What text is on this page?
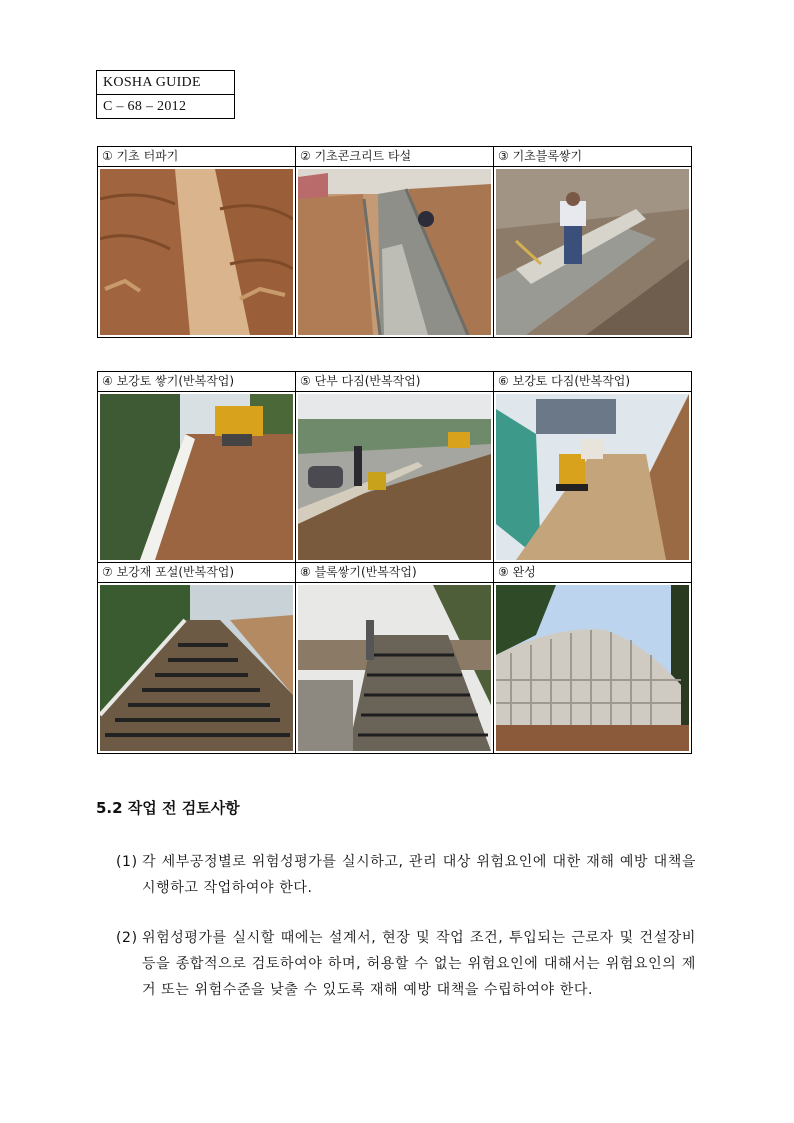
KOSHA GUIDE
C – 68 – 2012
① 기초 터파기	② 기초콘크리트 타설	③ 기초블록쌓기

④ 보강토 쌓기(반복작업)	⑤ 단부 다짐(반복작업)	⑥ 보강토 다짐(반복작업)

⑦ 보강재 포설(반복작업)	⑧ 블록쌓기(반복작업)	⑨ 완성

5.2 작업 전 검토사항
(1) 각 세부공정별로 위험성평가를 실시하고, 관리 대상 위험요인에 대한 재해 예방 대책을 시행하고 작업하여야 한다.
(2) 위험성평가를 실시할 때에는 설계서, 현장 및 작업 조건, 투입되는 근로자 및 건설장비 등을 종합적으로 검토하여야 하며, 허용할 수 없는 위험요인에 대해서는 위험요인의 제거 또는 위험수준을 낮출 수 있도록 재해 예방 대책을 수립하여야 한다.
